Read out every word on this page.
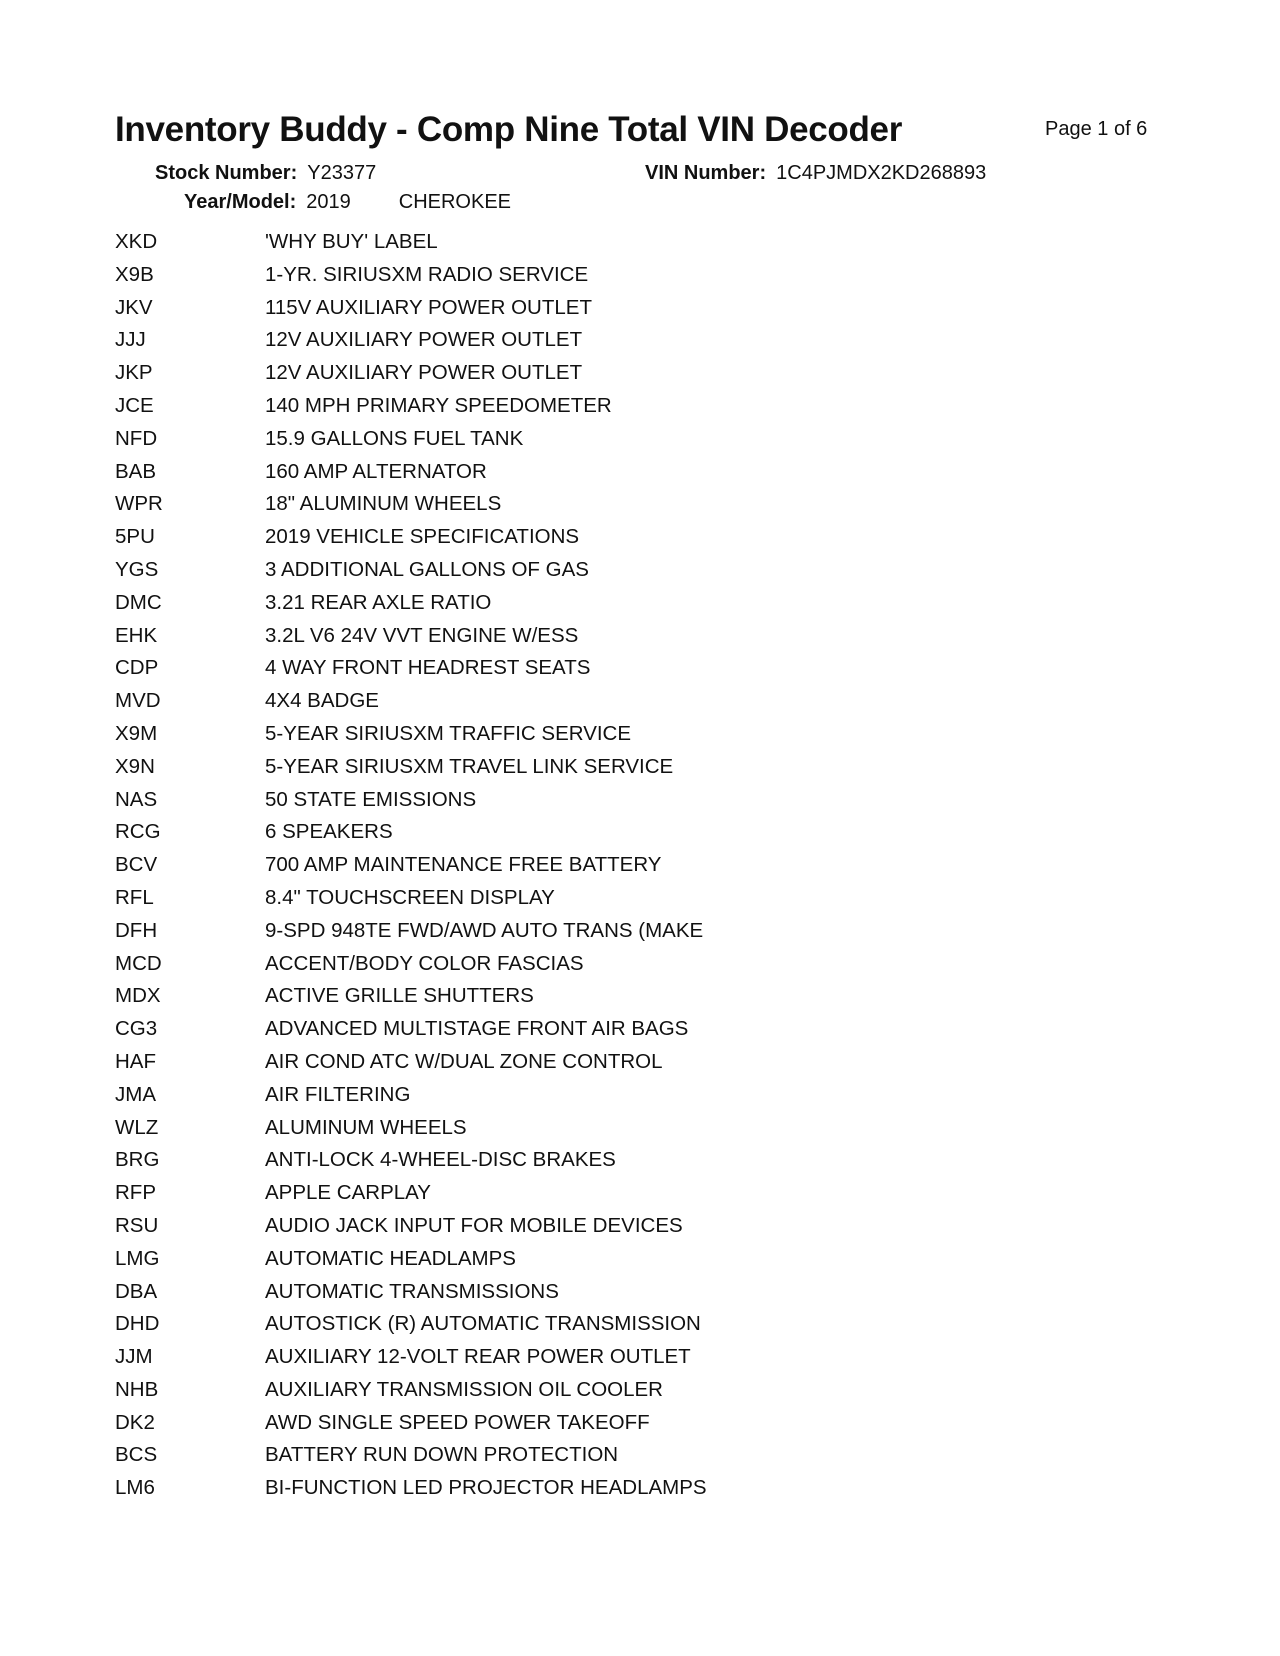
Inventory Buddy - Comp Nine Total VIN Decoder	Page 1 of 6
Stock Number: Y23377	VIN Number: 1C4PJMDX2KD268893
Year/Model: 2019 CHEROKEE
XKD	'WHY BUY' LABEL
X9B	1-YR. SIRIUSXM RADIO SERVICE
JKV	115V AUXILIARY POWER OUTLET
JJJ	12V AUXILIARY POWER OUTLET
JKP	12V AUXILIARY POWER OUTLET
JCE	140 MPH PRIMARY SPEEDOMETER
NFD	15.9 GALLONS FUEL TANK
BAB	160 AMP ALTERNATOR
WPR	18" ALUMINUM WHEELS
5PU	2019 VEHICLE SPECIFICATIONS
YGS	3 ADDITIONAL GALLONS OF GAS
DMC	3.21 REAR AXLE RATIO
EHK	3.2L V6 24V VVT ENGINE W/ESS
CDP	4 WAY FRONT HEADREST SEATS
MVD	4X4 BADGE
X9M	5-YEAR SIRIUSXM TRAFFIC SERVICE
X9N	5-YEAR SIRIUSXM TRAVEL LINK SERVICE
NAS	50 STATE EMISSIONS
RCG	6 SPEAKERS
BCV	700 AMP MAINTENANCE FREE BATTERY
RFL	8.4" TOUCHSCREEN DISPLAY
DFH	9-SPD 948TE FWD/AWD AUTO TRANS (MAKE
MCD	ACCENT/BODY COLOR FASCIAS
MDX	ACTIVE GRILLE SHUTTERS
CG3	ADVANCED MULTISTAGE FRONT AIR BAGS
HAF	AIR COND ATC W/DUAL ZONE CONTROL
JMA	AIR FILTERING
WLZ	ALUMINUM WHEELS
BRG	ANTI-LOCK 4-WHEEL-DISC BRAKES
RFP	APPLE CARPLAY
RSU	AUDIO JACK INPUT FOR MOBILE DEVICES
LMG	AUTOMATIC HEADLAMPS
DBA	AUTOMATIC TRANSMISSIONS
DHD	AUTOSTICK (R) AUTOMATIC TRANSMISSION
JJM	AUXILIARY 12-VOLT REAR POWER OUTLET
NHB	AUXILIARY TRANSMISSION OIL COOLER
DK2	AWD SINGLE SPEED POWER TAKEOFF
BCS	BATTERY RUN DOWN PROTECTION
LM6	BI-FUNCTION LED PROJECTOR HEADLAMPS
